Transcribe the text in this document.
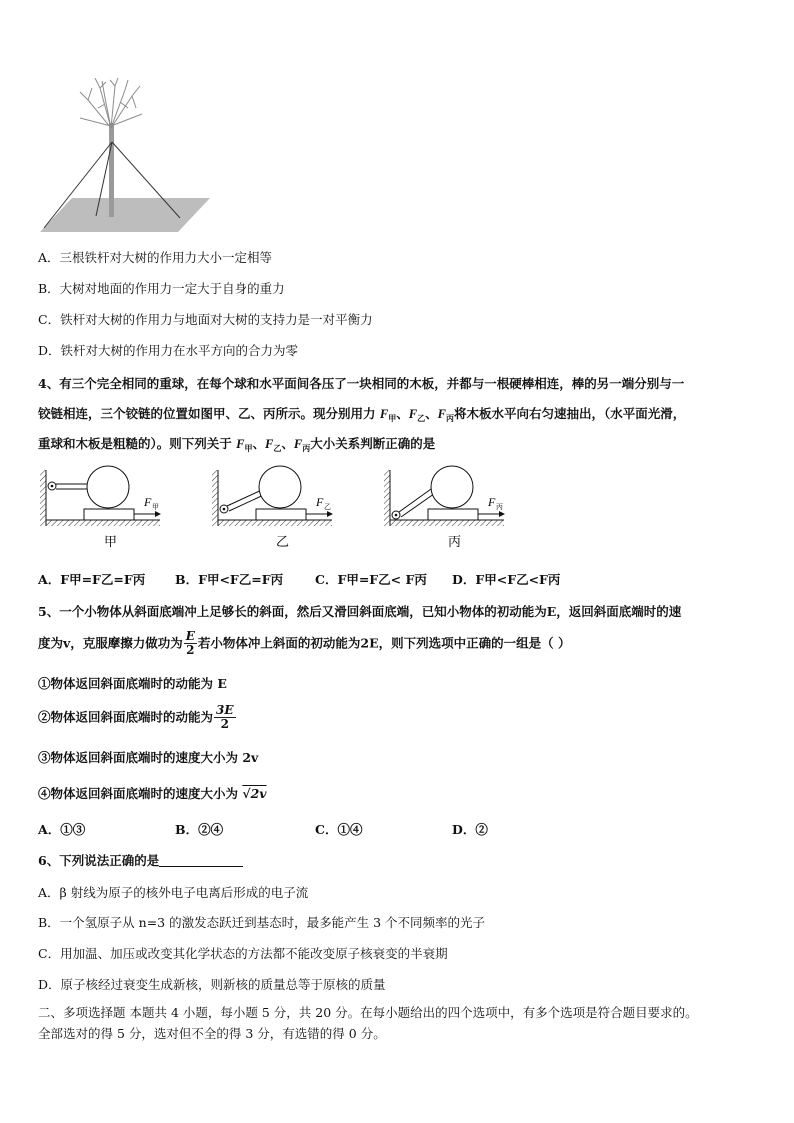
A．三根铁杆对大树的作用力大小一定相等
B．大树对地面的作用力一定大于自身的重力
C．铁杆对大树的作用力与地面对大树的支持力是一对平衡力
D．铁杆对大树的作用力在水平方向的合力为零
4、有三个完全相同的重球，在每个球和水平面间各压了一块相同的木板，并都与一根硬棒相连，棒的另一端分别与一
铰链相连，三个铰链的位置如图甲、乙、丙所示。现分别用力 $F_甲$、$F_乙$、$F_丙$将木板水平向右匀速抽出，（水平面光滑，
重球和木板是粗糙的）。则下列关于 $F_甲$、$F_乙$、$F_丙$大小关系判断正确的是
F 甲
甲
F 乙
乙
F 丙
丙
A．F甲=F乙=F丙 B．F甲<F乙=F丙	C．F甲=F乙< F丙 D．F甲<F乙<F丙
5、一个小物体从斜面底端冲上足够长的斜面，然后又滑回斜面底端，已知小物体的初动能为E，返回斜面底端时的速
度为v，克服摩擦力做功为 $\frac{E}{2}$ 若小物体冲上斜面的初动能为2E，则下列选项中正确的一组是（ ）
①物体返回斜面底端时的动能为 E
②物体返回斜面底端时的动能为 $\frac{3E}{2}$
③物体返回斜面底端时的速度大小为 2v
④物体返回斜面底端时的速度大小为 √2v
A．①③	B．②④	C．①④	D．②
6、下列说法正确的是
A．β 射线为原子的核外电子电离后形成的电子流
B．一个氢原子从 n=3 的激发态跃迁到基态时，最多能产生 3 个不同频率的光子
C．用加温、加压或改变其化学状态的方法都不能改变原子核衰变的半衰期
D．原子核经过衰变生成新核，则新核的质量总等于原核的质量
二、多项选择题 本题共 4 小题，每小题 5 分，共 20 分。在每小题给出的四个选项中，有多个选项是符合题目要求的。
全部选对的得 5 分，选对但不全的得 3 分，有选错的得 0 分。
